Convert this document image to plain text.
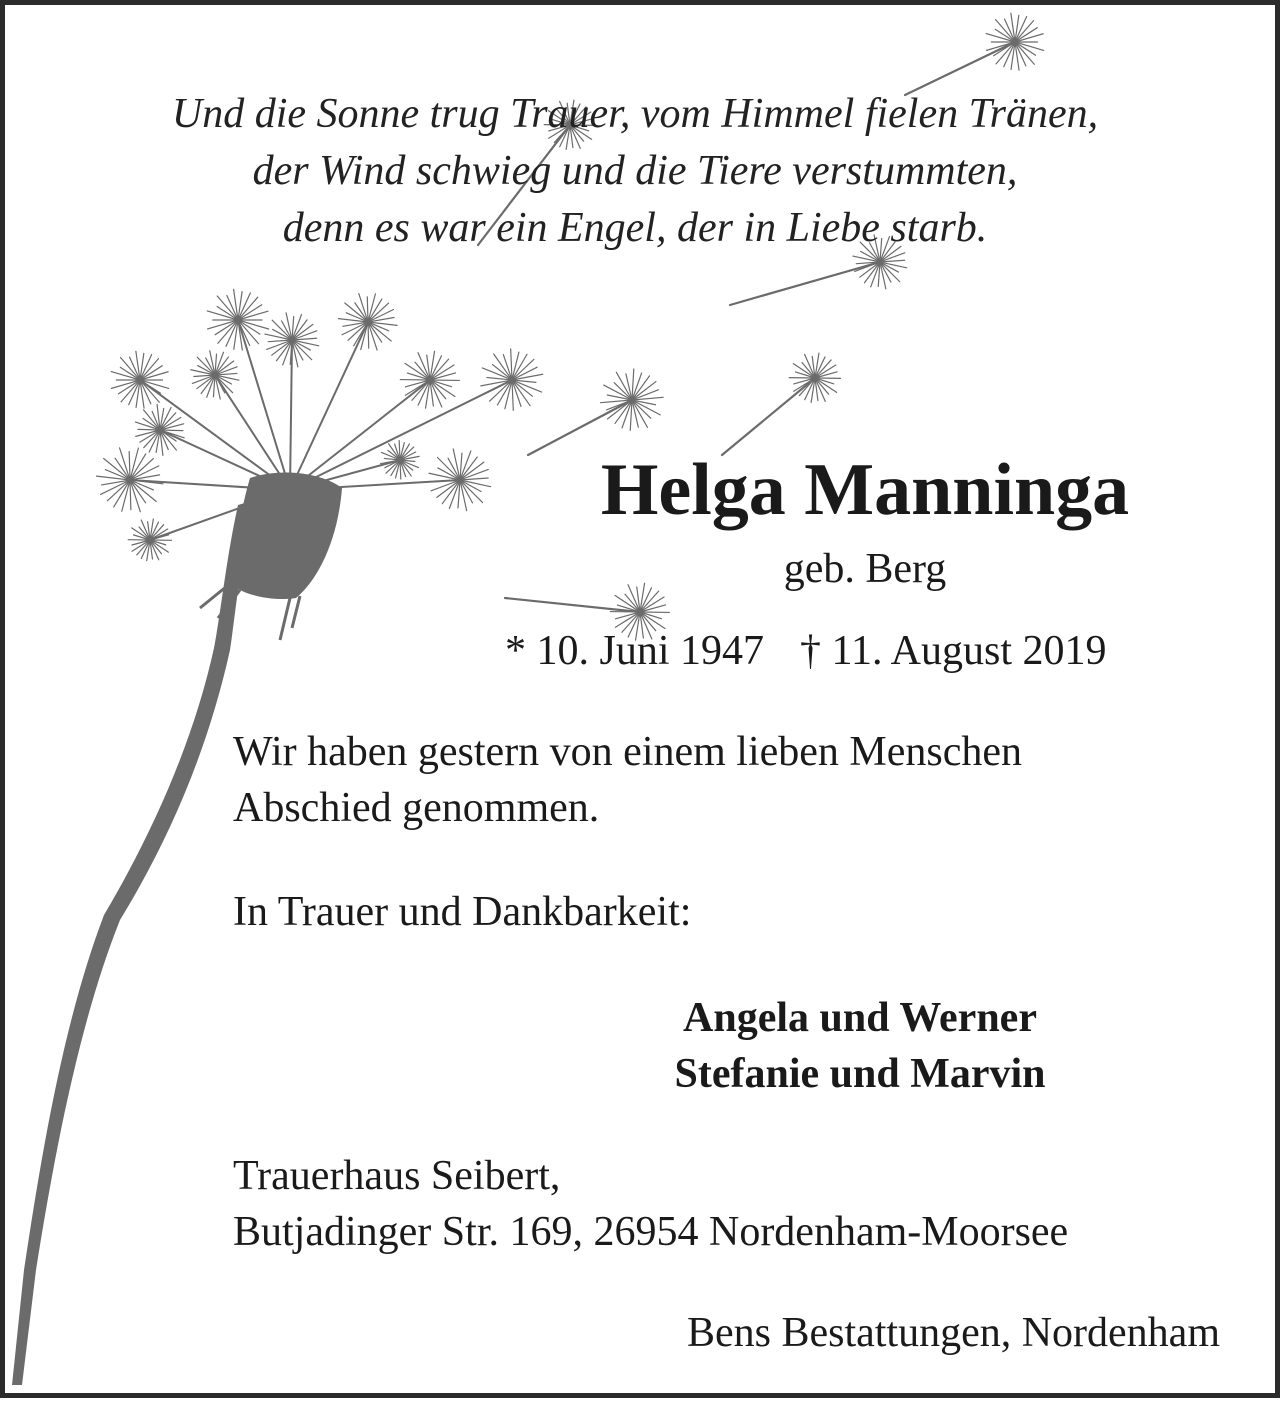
Und die Sonne trug Trauer, vom Himmel fielen Tränen,
der Wind schwieg und die Tiere verstummten,
denn es war ein Engel, der in Liebe starb.
Helga Manninga
geb. Berg
* 10. Juni 1947 † 11. August 2019
Wir haben gestern von einem lieben Menschen
Abschied genommen.
In Trauer und Dankbarkeit:
Angela und Werner
Stefanie und Marvin
Trauerhaus Seibert,
Butjadinger Str. 169, 26954 Nordenham-Moorsee
Bens Bestattungen, Nordenham
